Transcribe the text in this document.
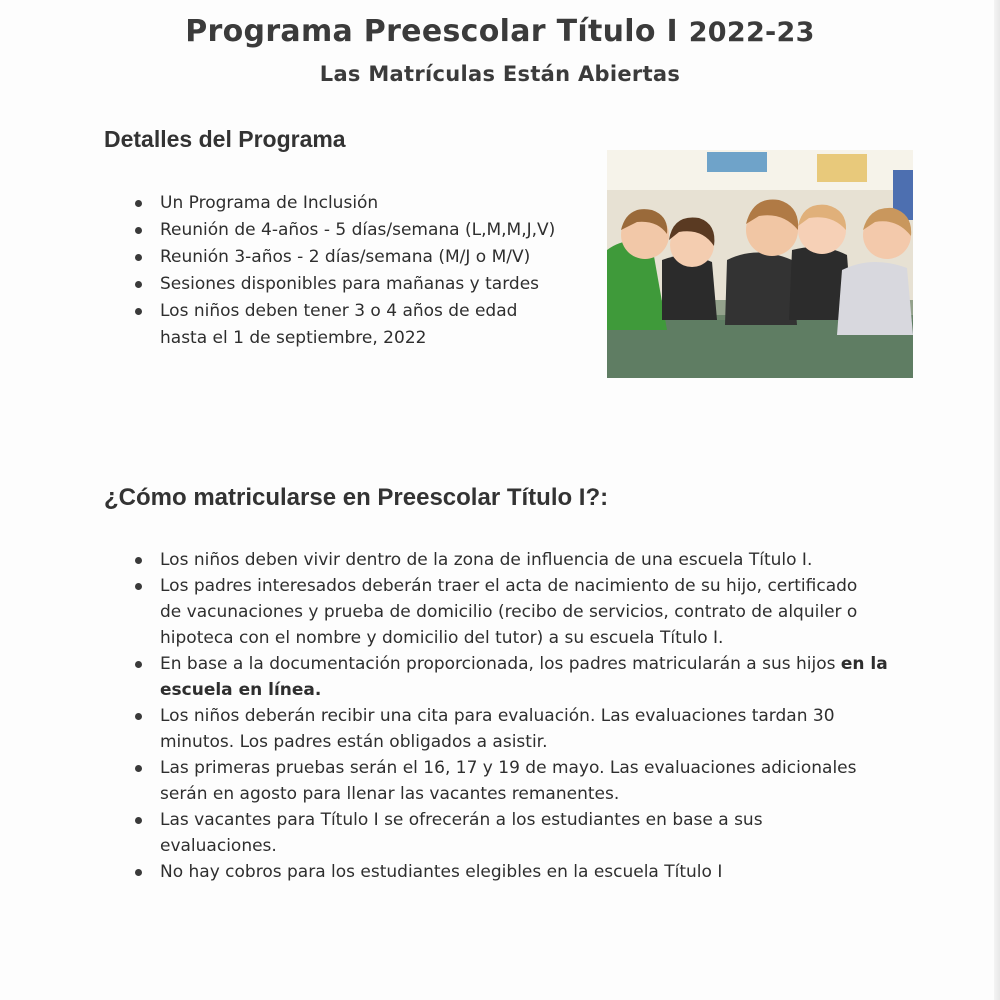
Programa Preescolar Título I 2022-23
Las Matrículas Están Abiertas
Detalles del Programa
Un Programa de Inclusión
Reunión de 4-años - 5 días/semana (L,M,M,J,V)
Reunión 3-años - 2 días/semana (M/J o M/V)
Sesiones disponibles para mañanas y tardes
Los niños deben tener 3 o 4 años de edad
hasta el 1 de septiembre, 2022
¿Cómo matricularse en Preescolar Título I?:
Los niños deben vivir dentro de la zona de influencia de una escuela Título I.
Los padres interesados deberán traer el acta de nacimiento de su hijo, certificado
de vacunaciones y prueba de domicilio (recibo de servicios, contrato de alquiler o
hipoteca con el nombre y domicilio del tutor) a su escuela Título I.
En base a la documentación proporcionada, los padres matricularán a sus hijos en la
escuela en línea.
Los niños deberán recibir una cita para evaluación. Las evaluaciones tardan 30
minutos. Los padres están obligados a asistir.
Las primeras pruebas serán el 16, 17 y 19 de mayo. Las evaluaciones adicionales
serán en agosto para llenar las vacantes remanentes.
Las vacantes para Título I se ofrecerán a los estudiantes en base a sus
evaluaciones.
No hay cobros para los estudiantes elegibles en la escuela Título I
